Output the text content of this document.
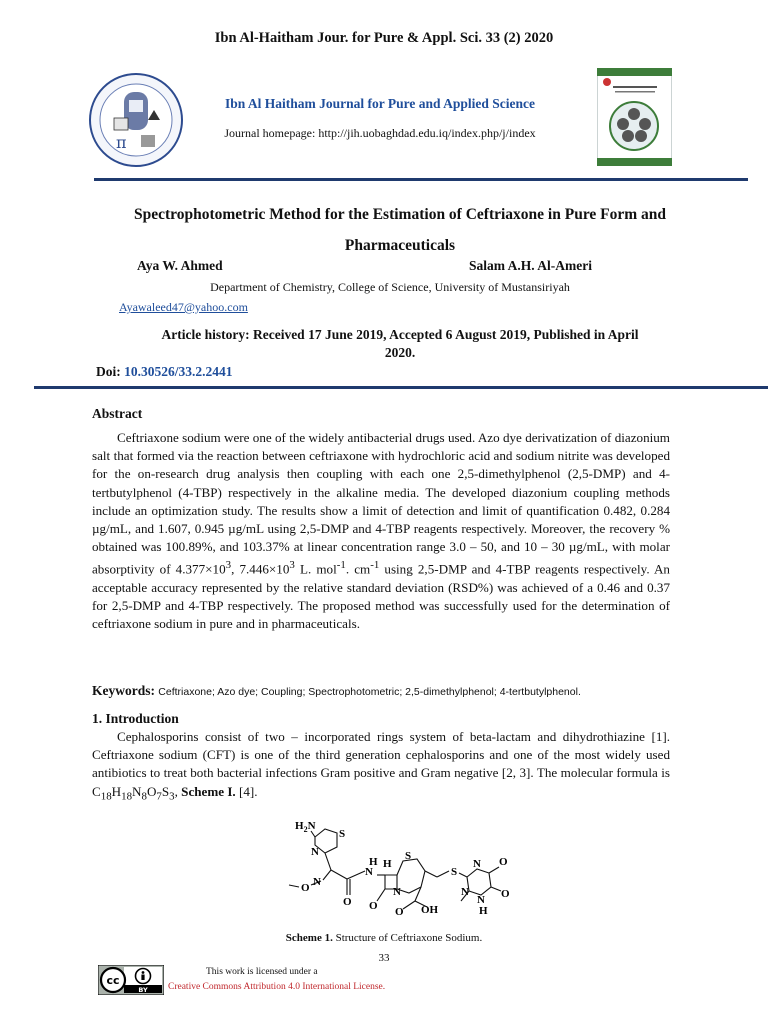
Ibn Al-Haitham Jour. for Pure & Appl. Sci. 33 (2) 2020
π
Ibn Al Haitham Journal for Pure and Applied Science
Journal homepage: http://jih.uobaghdad.edu.iq/index.php/j/index
Spectrophotometric Method for the Estimation of Ceftriaxone in Pure Form and Pharmaceuticals
Aya W. Ahmed	Salam A.H. Al-Ameri
Department of Chemistry, College of Science, University of Mustansiriyah
Ayawaleed47@yahoo.com
Article history: Received 17 June 2019, Accepted 6 August 2019, Published in April
2020.
Doi: 10.30526/33.2.2441
Abstract
Ceftriaxone sodium were one of the widely antibacterial drugs used. Azo dye derivatization of diazonium salt that formed via the reaction between ceftriaxone with hydrochloric acid and sodium nitrite was developed for the on-research drug analysis then coupling with each one 2,5-dimethylphenol (2,5-DMP) and 4-tertbutylphenol (4-TBP) respectively in the alkaline media. The developed diazonium coupling methods include an optimization study. The results show a limit of detection and limit of quantification 0.482, 0.284 µg/mL, and 1.607, 0.945 µg/mL using 2,5-DMP and 4-TBP reagents respectively. Moreover, the recovery % obtained was 100.89%, and 103.37% at linear concentration range 3.0 – 50, and 10 – 30 µg/mL, with molar absorptivity of $4.377\times 10^3$, $7.446\times 10^3$ L. mol$^{-1}$. $cm^{-1}$ using 2,5-DMP and 4-TBP reagents respectively. An acceptable accuracy represented by the relative standard deviation (RSD%) was achieved of a 0.46 and 0.37 for 2,5-DMP and 4-TBP respectively. The proposed method was successfully used for the determination of ceftriaxone sodium in pure and in pharmaceuticals.
Keywords: Ceftriaxone; Azo dye; Coupling; Spectrophotometric; 2,5-dimethylphenol; 4-tertbutylphenol.
1. Introduction
Cephalosporins consist of two – incorporated rings system of beta-lactam and dihydrothiazine [1]. Ceftriaxone sodium (CFT) is one of the third generation cephalosporins and one of the most widely used antibiotics to treat both bacterial infections Gram positive and Gram negative [2, 3]. The molecular formula is $C_{18}H_{18}N_8O_7S_3$, Scheme I. [4].
$H_2N$
S
N
O N
N
H H
S
N
O
O
O OH
S
N
N
N
H
O
O
Scheme 1. Structure of Ceftriaxone Sodium.
33
cc
BY
This work is licensed under a
Creative Commons Attribution 4.0 International License.
